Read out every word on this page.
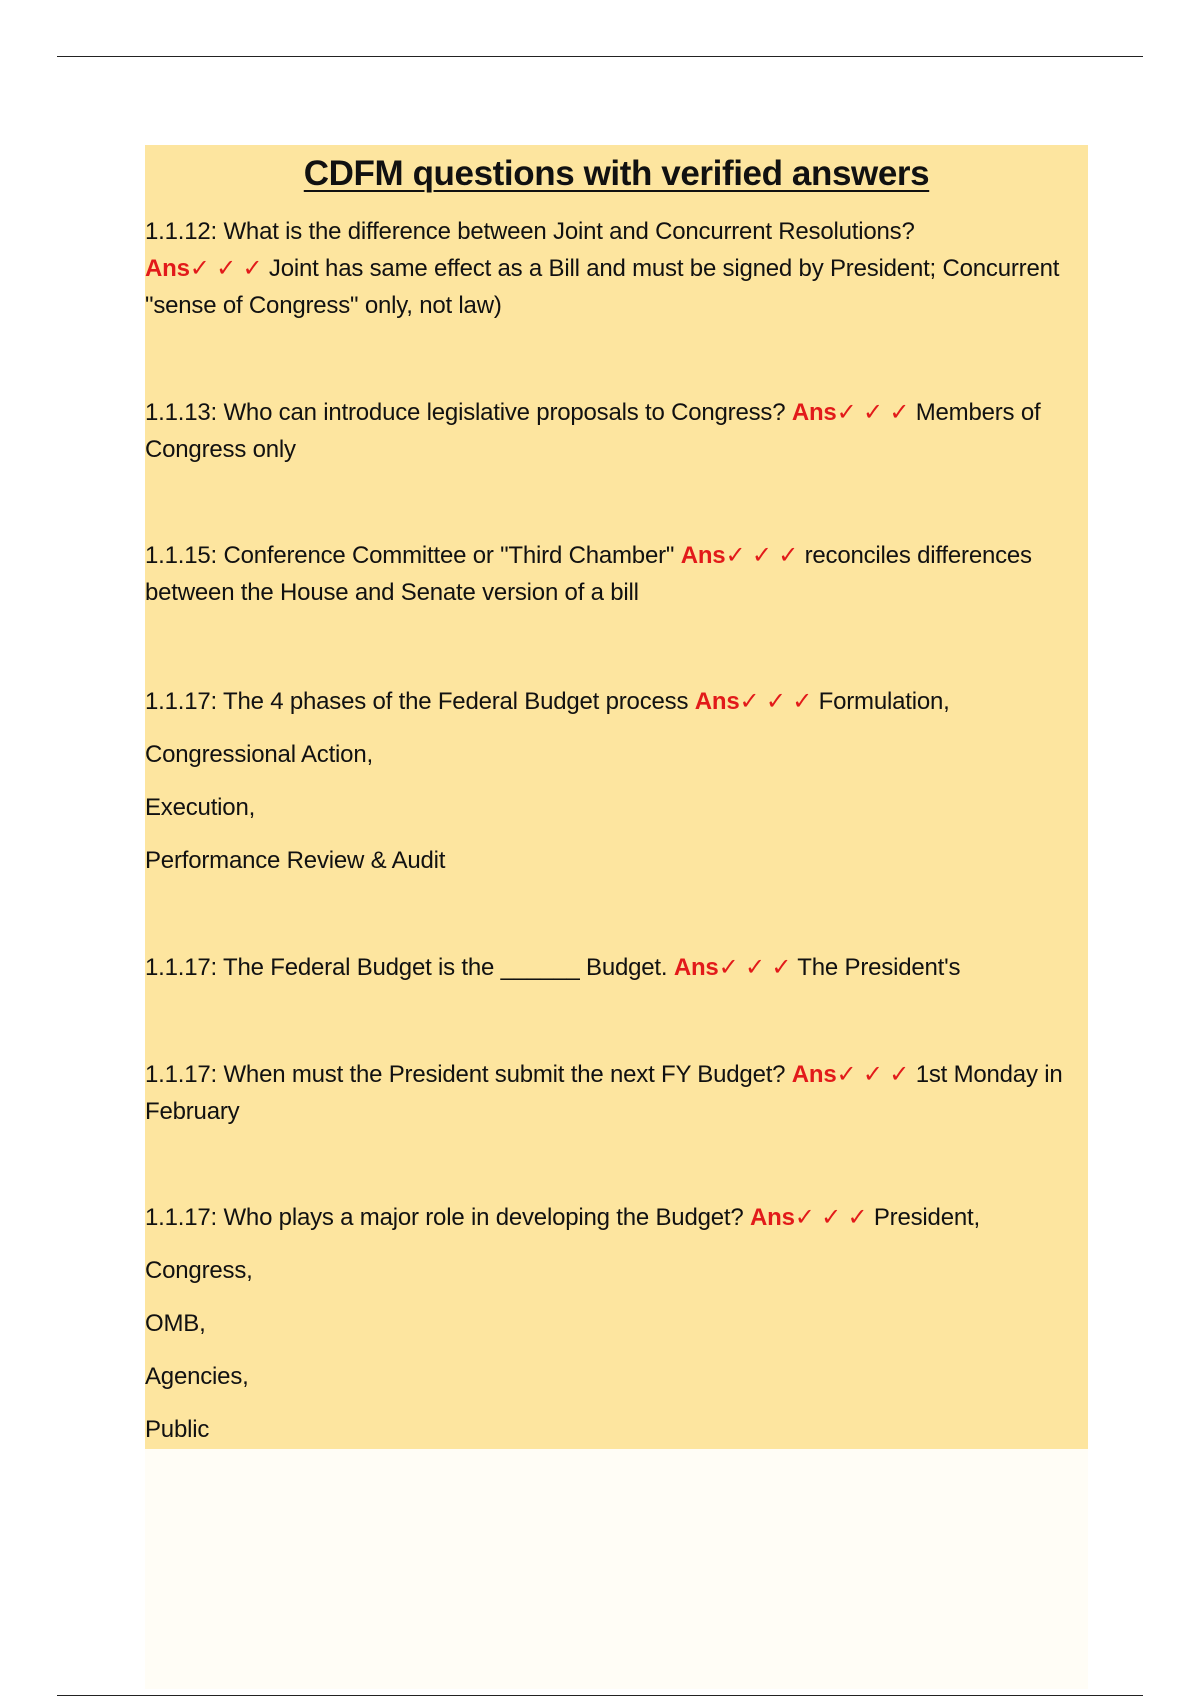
CDFM questions with verified answers

1.1.12: What is the difference between Joint and Concurrent Resolutions?
Ans✓ ✓ ✓ Joint has same effect as a Bill and must be signed by President; Concurrent "sense of Congress" only, not law)

1.1.13: Who can introduce legislative proposals to Congress? Ans✓ ✓ ✓ Members of Congress only

1.1.15: Conference Committee or "Third Chamber" Ans✓ ✓ ✓ reconciles differences between the House and Senate version of a bill

1.1.17: The 4 phases of the Federal Budget process Ans✓ ✓ ✓ Formulation,

Congressional Action,
Execution,
Performance Review & Audit

1.1.17: The Federal Budget is the ______ Budget. Ans✓ ✓ ✓ The President's

1.1.17: When must the President submit the next FY Budget? Ans✓ ✓ ✓ 1st Monday in February

1.1.17: Who plays a major role in developing the Budget? Ans✓ ✓ ✓ President,

Congress,
OMB,
Agencies,
Public
